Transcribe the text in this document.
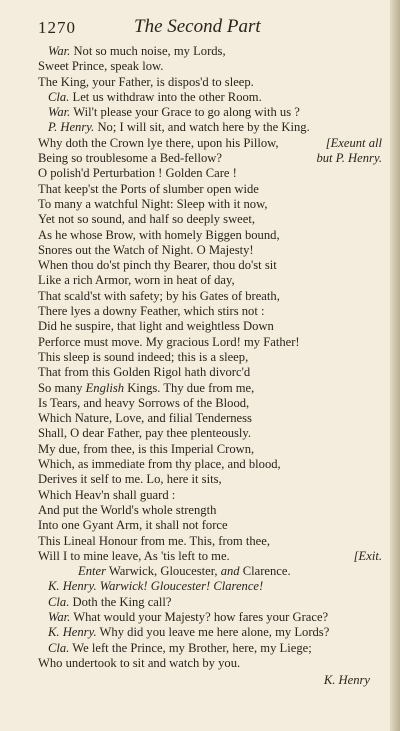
1270	The Second Part
War. Not so much noise, my Lords,
Sweet Prince, speak low.
The King, your Father, is dispos'd to sleep.
Cla. Let us withdraw into the other Room.
War. Wil't please your Grace to go along with us ?
P. Henry. No; I will sit, and watch here by the King.
Why doth the Crown lye there, upon his Pillow,	[Exeunt all
Being so troublesome a Bed-fellow?	but P. Henry.
O polish'd Perturbation ! Golden Care !
That keep'st the Ports of slumber open wide
To many a watchful Night: Sleep with it now,
Yet not so sound, and half so deeply sweet,
As he whose Brow, with homely Biggen bound,
Snores out the Watch of Night. O Majesty!
When thou do'st pinch thy Bearer, thou do'st sit
Like a rich Armor, worn in heat of day,
That scald'st with safety; by his Gates of breath,
There lyes a downy Feather, which stirs not :
Did he suspire, that light and weightless Down
Perforce must move. My gracious Lord! my Father!
This sleep is sound indeed; this is a sleep,
That from this Golden Rigol hath divorc'd
So many English Kings. Thy due from me,
Is Tears, and heavy Sorrows of the Blood,
Which Nature, Love, and filial Tenderness
Shall, O dear Father, pay thee plenteously.
My due, from thee, is this Imperial Crown,
Which, as immediate from thy place, and blood,
Derives it self to me. Lo, here it sits,
Which Heav'n shall guard :
And put the World's whole strength
Into one Gyant Arm, it shall not force
This Lineal Honour from me. This, from thee,
Will I to mine leave, As 'tis left to me.	[Exit.
Enter Warwick, Gloucester, and Clarence.
K. Henry. Warwick! Gloucester! Clarence!
Cla. Doth the King call?
War. What would your Majesty? how fares your Grace?
K. Henry. Why did you leave me here alone, my Lords?
Cla. We left the Prince, my Brother, here, my Liege;
Who undertook to sit and watch by you.
K. Henry
